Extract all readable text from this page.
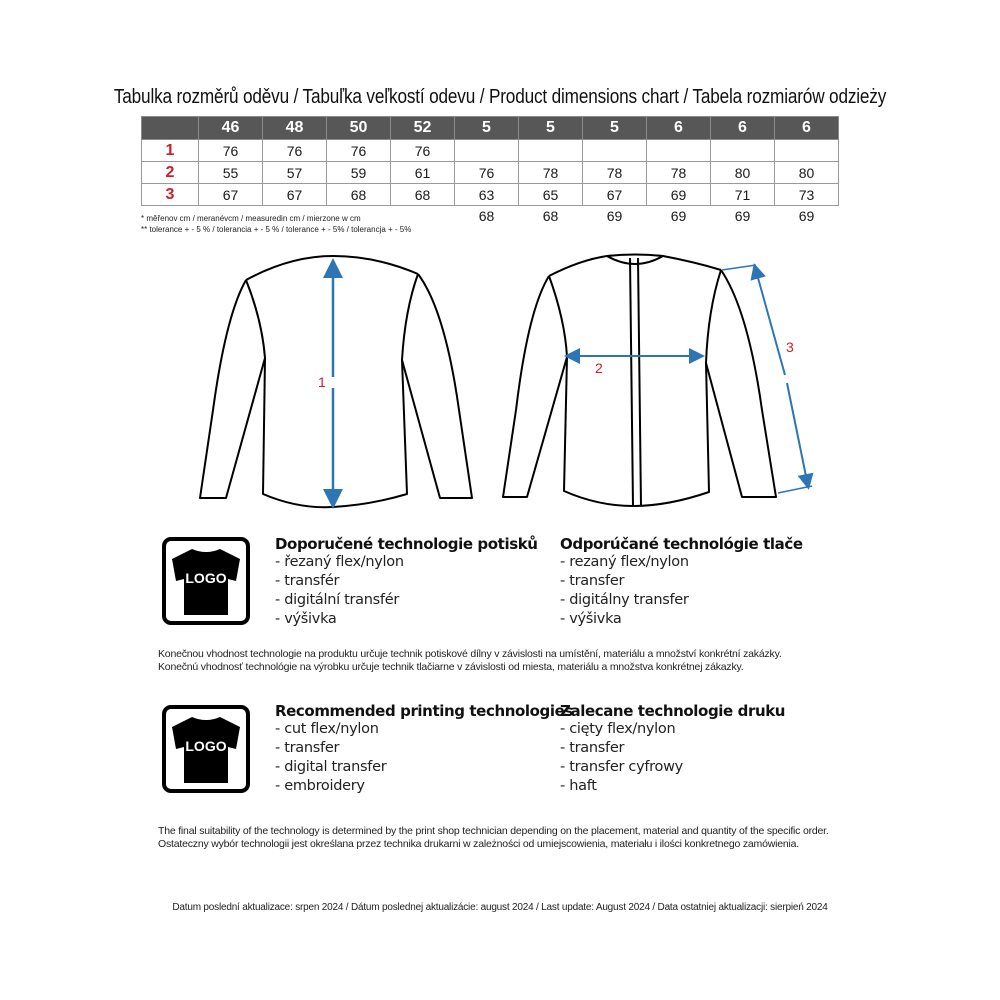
Tabulka rozměrů oděvu / Tabuľka veľkostí odevu / Product dimensions chart / Tabela rozmiarów odzieży
	46	48	50	52	5	5	5	6	6	6
1	76	76	76	76						
2	55	57	59	61	76	78	78	78	80	80
3	67	67	68	68	63	65	67	69	71	73
					68	68	69	69	69	69
* měřenov cm / meranévcm / measuredin cm / mierzone w cm
** tolerance + - 5 % / tolerancia + - 5 % / tolerance + - 5% / tolerancja + - 5%
1
2
3
LOGO
Doporučené technologie potisků
- řezaný flex/nylon
- transfér
- digitální transfér
- výšivka
Odporúčané technológie tlače
- rezaný flex/nylon
- transfer
- digitálny transfer
- výšivka
Konečnou vhodnost technologie na produktu určuje technik potiskové dílny v závislosti na umístění, materiálu a množství konkrétní zakázky.
Konečnú vhodnosť technológie na výrobku určuje technik tlačiarne v závislosti od miesta, materiálu a množstva konkrétnej zákazky.
LOGO
Recommended printing technologies
- cut flex/nylon
- transfer
- digital transfer
- embroidery
Zalecane technologie druku
- cięty flex/nylon
- transfer
- transfer cyfrowy
- haft
The final suitability of the technology is determined by the print shop technician depending on the placement, material and quantity of the specific order.
Ostateczny wybór technologii jest określana przez technika drukarni w zależności od umiejscowienia, materiału i ilości konkretnego zamówienia.
Datum poslední aktualizace: srpen 2024 / Dátum poslednej aktualizácie: august 2024 / Last update: August 2024 / Data ostatniej aktualizacji: sierpień 2024
